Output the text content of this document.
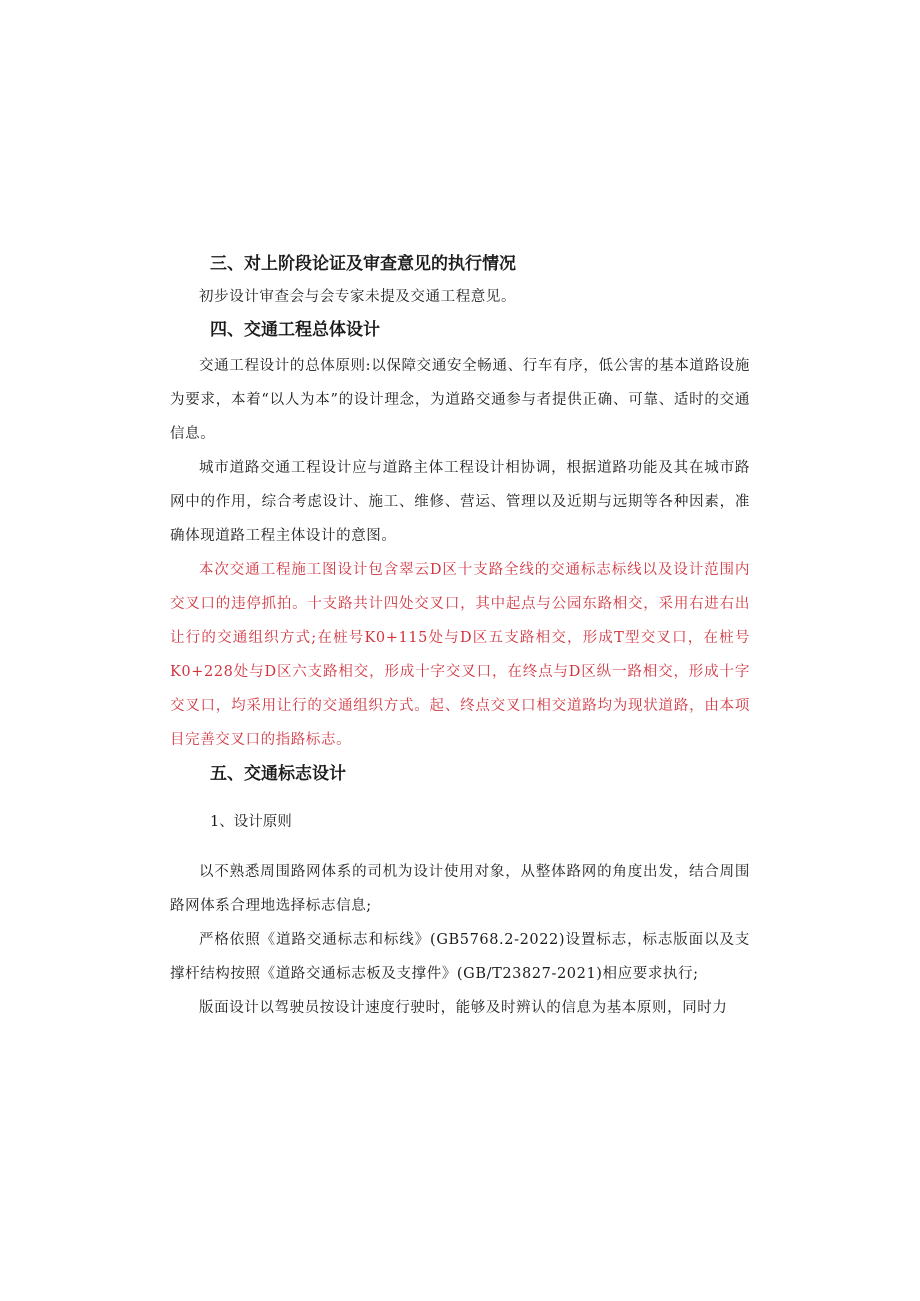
三、对上阶段论证及审查意见的执行情况

初步设计审查会与会专家未提及交通工程意见。

四、交通工程总体设计

交通工程设计的总体原则:以保障交通安全畅通、行车有序，低公害的基本道路设施为要求，本着“以人为本”的设计理念，为道路交通参与者提供正确、可靠、适时的交通信息。

城市道路交通工程设计应与道路主体工程设计相协调，根据道路功能及其在城市路网中的作用，综合考虑设计、施工、维修、营运、管理以及近期与远期等各种因素，准确体现道路工程主体设计的意图。

本次交通工程施工图设计包含翠云D区十支路全线的交通标志标线以及设计范围内交叉口的违停抓拍。十支路共计四处交叉口，其中起点与公园东路相交，采用右进右出让行的交通组织方式;在桩号K0+115处与D区五支路相交，形成T型交叉口，在桩号K0+228处与D区六支路相交，形成十字交叉口，在终点与D区纵一路相交，形成十字交叉口，均采用让行的交通组织方式。起、终点交叉口相交道路均为现状道路，由本项目完善交叉口的指路标志。

五、交通标志设计

1、设计原则

以不熟悉周围路网体系的司机为设计使用对象，从整体路网的角度出发，结合周围路网体系合理地选择标志信息;

严格依照《道路交通标志和标线》(GB5768.2-2022)设置标志，标志版面以及支撑杆结构按照《道路交通标志板及支撑件》(GB/T23827-2021)相应要求执行;

版面设计以驾驶员按设计速度行驶时，能够及时辨认的信息为基本原则，同时力
